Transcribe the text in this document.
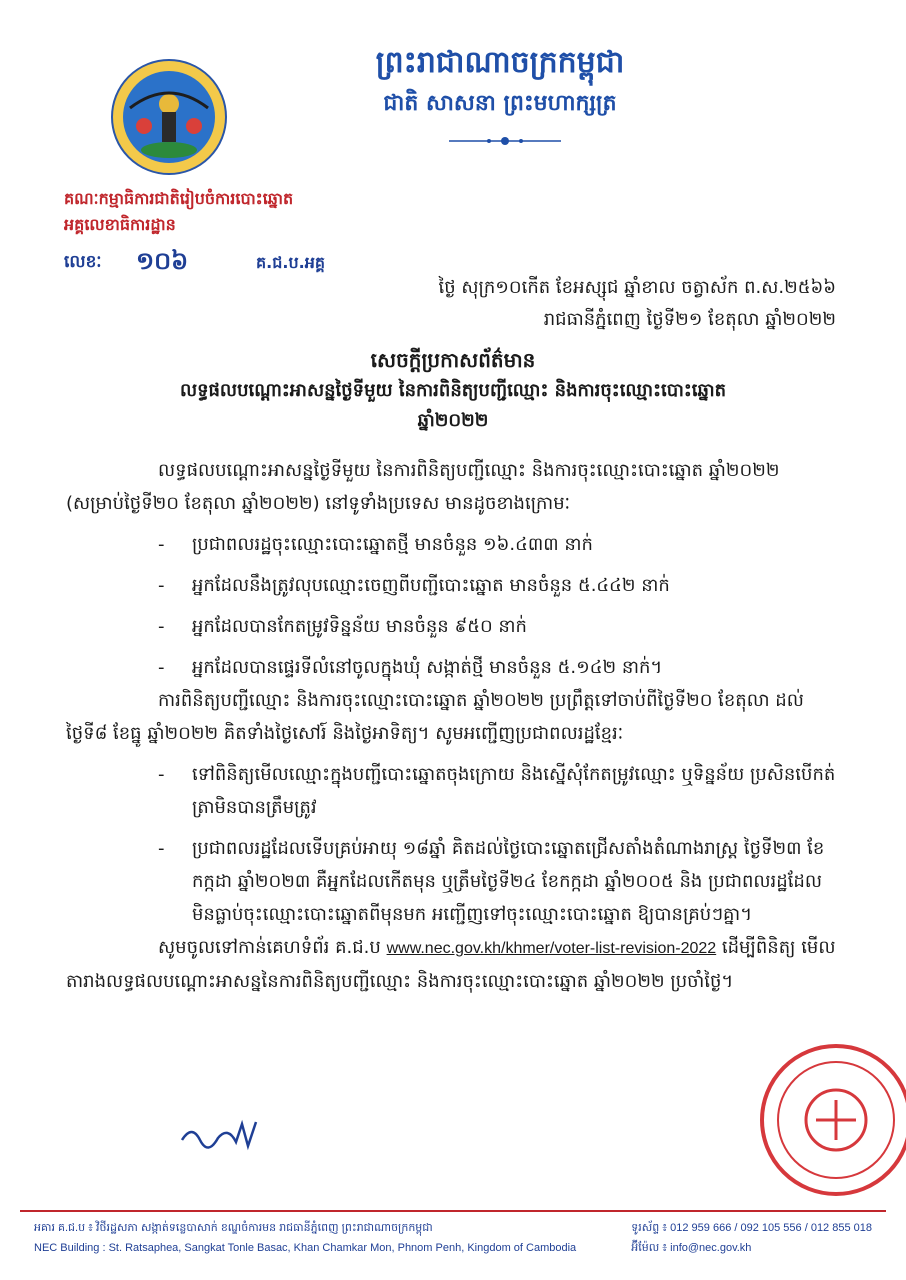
ព្រះរាជាណាចក្រកម្ពុជា
ជាតិ សាសនា ព្រះមហាក្សត្រ
គណៈកម្មាធិការជាតិរៀបចំការបោះឆ្នោត
អគ្គលេខាធិការដ្ឋាន
លេខៈ	១០៦	គ.ជ.ប.អគ្គ
ថ្ងៃ សុក្រ១០កើត ខែអស្សុជ ឆ្នាំខាល ចត្វាស័ក ព.ស.២៥៦៦
រាជធានីភ្នំពេញ ថ្ងៃទី២១ ខែតុលា ឆ្នាំ២០២២
សេចក្តីប្រកាសព័ត៌មាន
លទ្ធផលបណ្តោះអាសន្នថ្ងៃទីមួយ នៃការពិនិត្យបញ្ជីឈ្មោះ និងការចុះឈ្មោះបោះឆ្នោត
ឆ្នាំ២០២២

លទ្ធផលបណ្តោះអាសន្នថ្ងៃទីមួយ នៃការពិនិត្យបញ្ជីឈ្មោះ និងការចុះឈ្មោះបោះឆ្នោត ឆ្នាំ២០២២ (សម្រាប់ថ្ងៃទី២០ ខែតុលា ឆ្នាំ២០២២) នៅទូទាំងប្រទេស មានដូចខាងក្រោមៈ

-	ប្រជាពលរដ្ឋចុះឈ្មោះបោះឆ្នោតថ្មី មានចំនួន ១៦.៤៣៣ នាក់
-	អ្នកដែលនឹងត្រូវលុបឈ្មោះចេញពីបញ្ជីបោះឆ្នោត មានចំនួន ៥.៤៤២ នាក់
-	អ្នកដែលបានកែតម្រូវទិន្នន័យ មានចំនួន ៩៥០ នាក់
-	អ្នកដែលបានផ្ទេរទីលំនៅចូលក្នុងឃុំ សង្កាត់ថ្មី មានចំនួន ៥.១៤២ នាក់។

ការពិនិត្យបញ្ជីឈ្មោះ និងការចុះឈ្មោះបោះឆ្នោត ឆ្នាំ២០២២ ប្រព្រឹត្តទៅចាប់ពីថ្ងៃទី២០ ខែតុលា ដល់ថ្ងៃទី៨ ខែធ្នូ ឆ្នាំ២០២២ គិតទាំងថ្ងៃសៅរ៍ និងថ្ងៃអាទិត្យ។ សូមអញ្ជើញប្រជាពលរដ្ឋខ្មែរៈ

-	ទៅពិនិត្យមើលឈ្មោះក្នុងបញ្ជីបោះឆ្នោតចុងក្រោយ និងស្នើសុំកែតម្រូវឈ្មោះ ឬទិន្នន័យ ប្រសិនបើកត់ត្រាមិនបានត្រឹមត្រូវ
-	ប្រជាពលរដ្ឋដែលទើបគ្រប់អាយុ ១៨ឆ្នាំ គិតដល់ថ្ងៃបោះឆ្នោតជ្រើសតាំងតំណាងរាស្រ្ត ថ្ងៃទី២៣ ខែកក្កដា ឆ្នាំ២០២៣ គឺអ្នកដែលកើតមុន ឬត្រឹមថ្ងៃទី២៤ ខែកក្កដា ឆ្នាំ២០០៥ និង ប្រជាពលរដ្ឋដែលមិនធ្លាប់ចុះឈ្មោះបោះឆ្នោតពីមុនមក អញ្ជើញទៅចុះឈ្មោះបោះឆ្នោត ឱ្យបានគ្រប់ៗគ្នា។

សូមចូលទៅកាន់គេហទំព័រ គ.ជ.ប www.nec.gov.kh/khmer/voter-list-revision-2022 ដើម្បីពិនិត្យ មើលតារាងលទ្ធផលបណ្តោះអាសន្ននៃការពិនិត្យបញ្ជីឈ្មោះ និងការចុះឈ្មោះបោះឆ្នោត ឆ្នាំ២០២២ ប្រចាំថ្ងៃ។

អគារ គ.ជ.ប ៖ វិថីរដ្ឋសភា សង្កាត់ទន្លេបាសាក់ ខណ្ឌចំការមន រាជធានីភ្នំពេញ ព្រះរាជាណាចក្រកម្ពុជា
NEC Building : St. Ratsaphea, Sangkat Tonle Basac, Khan Chamkar Mon, Phnom Penh, Kingdom of Cambodia
ទូរស័ព្ទ ៖ 012 959 666 / 092 105 556 / 012 855 018
អ៊ីម៉ែល ៖ info@nec.gov.kh
